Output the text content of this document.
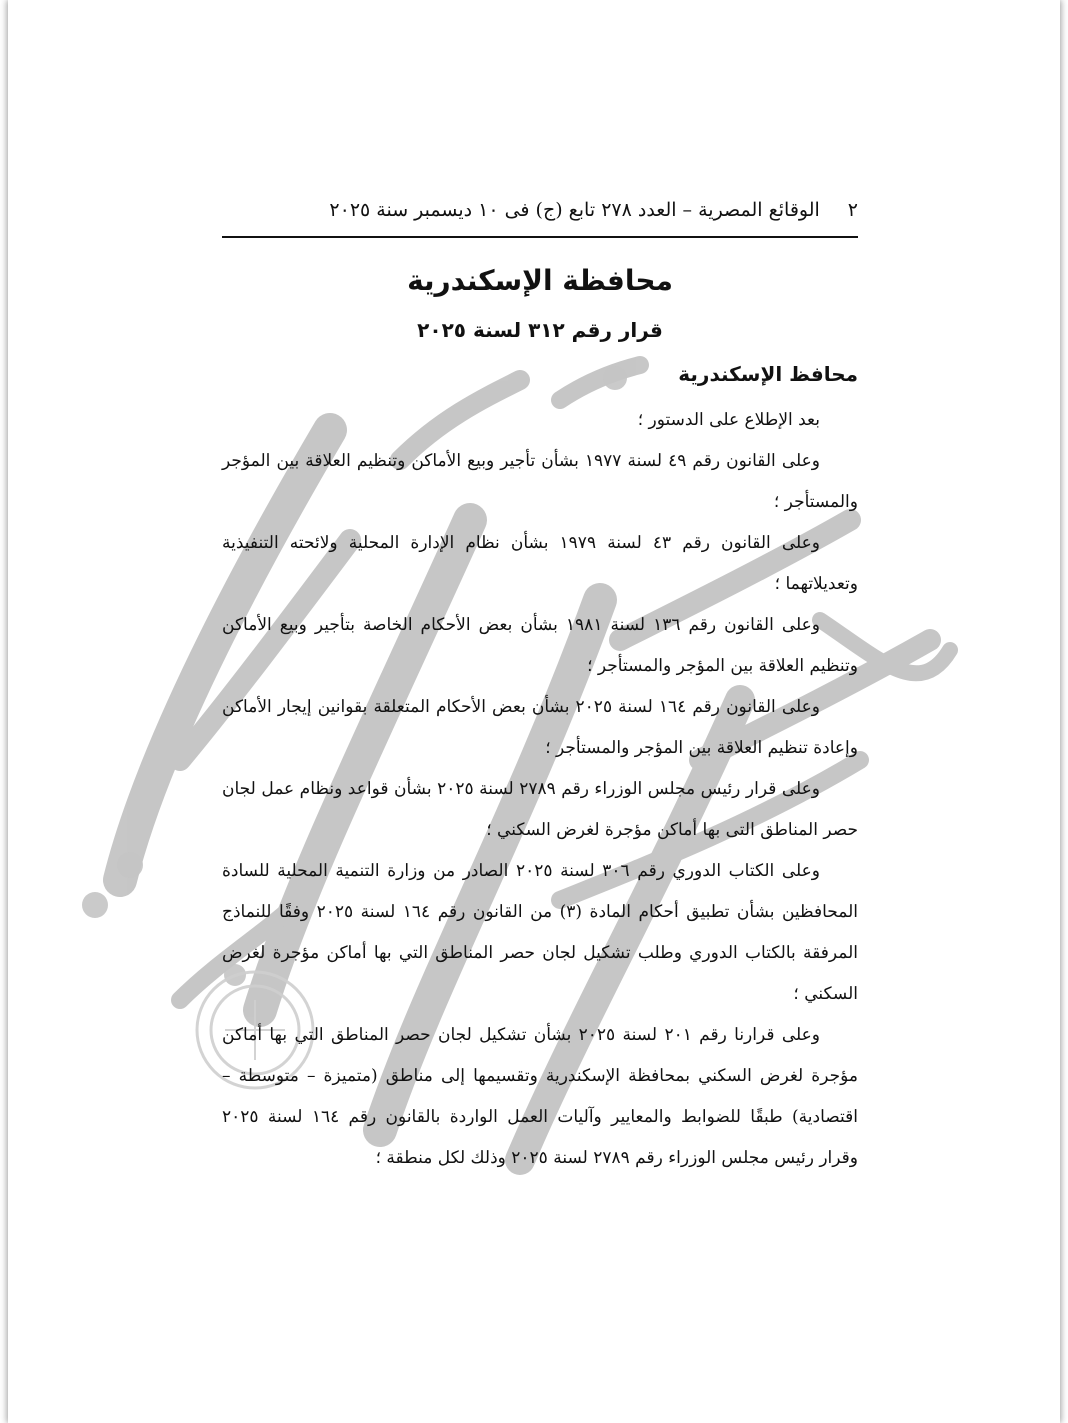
٢
الوقائع المصرية – العدد ٢٧٨ تابع (ج) فى ١٠ ديسمبر سنة ٢٠٢٥
محافظة الإسكندرية
قرار رقم ٣١٢ لسنة ٢٠٢٥
محافظ الإسكندرية

بعد الإطلاع على الدستور ؛

وعلى القانون رقم ٤٩ لسنة ١٩٧٧ بشأن تأجير وبيع الأماكن وتنظيم العلاقة بين المؤجر والمستأجر ؛

وعلى القانون رقم ٤٣ لسنة ١٩٧٩ بشأن نظام الإدارة المحلية ولائحته التنفيذية وتعديلاتهما ؛

وعلى القانون رقم ١٣٦ لسنة ١٩٨١ بشأن بعض الأحكام الخاصة بتأجير وبيع الأماكن وتنظيم العلاقة بين المؤجر والمستأجر ؛

وعلى القانون رقم ١٦٤ لسنة ٢٠٢٥ بشأن بعض الأحكام المتعلقة بقوانين إيجار الأماكن وإعادة تنظيم العلاقة بين المؤجر والمستأجر ؛

وعلى قرار رئيس مجلس الوزراء رقم ٢٧٨٩ لسنة ٢٠٢٥ بشأن قواعد ونظام عمل لجان حصر المناطق التى بها أماكن مؤجرة لغرض السكني ؛

وعلى الكتاب الدوري رقم ٣٠٦ لسنة ٢٠٢٥ الصادر من وزارة التنمية المحلية للسادة المحافظين بشأن تطبيق أحكام المادة (٣) من القانون رقم ١٦٤ لسنة ٢٠٢٥ وفقًا للنماذج المرفقة بالكتاب الدوري وطلب تشكيل لجان حصر المناطق التي بها أماكن مؤجرة لغرض السكني ؛

وعلى قرارنا رقم ٢٠١ لسنة ٢٠٢٥ بشأن تشكيل لجان حصر المناطق التي بها أماكن مؤجرة لغرض السكني بمحافظة الإسكندرية وتقسيمها إلى مناطق (متميزة – متوسطة – اقتصادية) طبقًا للضوابط والمعايير وآليات العمل الواردة بالقانون رقم ١٦٤ لسنة ٢٠٢٥ وقرار رئيس مجلس الوزراء رقم ٢٧٨٩ لسنة ٢٠٢٥ وذلك لكل منطقة ؛
